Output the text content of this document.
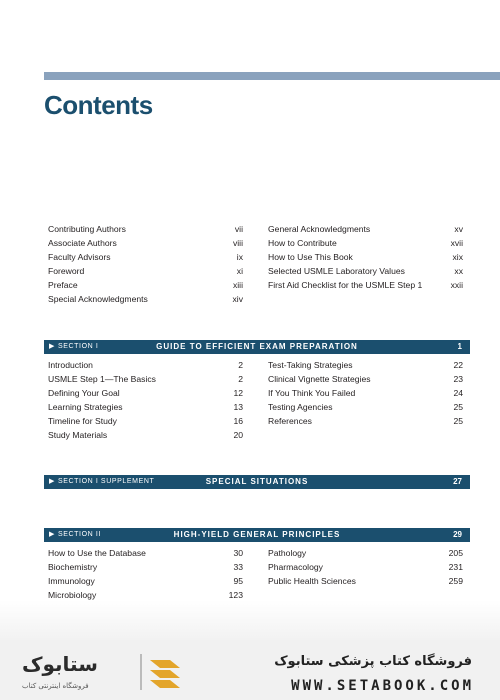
Contents
Contributing Authors	vii
Associate Authors	viii
Faculty Advisors	ix
Foreword	xi
Preface	xiii
Special Acknowledgments	xiv
General Acknowledgments	xv
How to Contribute	xvii
How to Use This Book	xix
Selected USMLE Laboratory Values	xx
First Aid Checklist for the USMLE Step 1	xxii
▶ SECTION I	GUIDE TO EFFICIENT EXAM PREPARATION	1
Introduction	2
USMLE Step 1—The Basics	2
Defining Your Goal	12
Learning Strategies	13
Timeline for Study	16
Study Materials	20
Test-Taking Strategies	22
Clinical Vignette Strategies	23
If You Think You Failed	24
Testing Agencies	25
References	25
▶ SECTION I SUPPLEMENT	SPECIAL SITUATIONS	27
▶ SECTION II	HIGH-YIELD GENERAL PRINCIPLES	29
How to Use the Database	30
Biochemistry	33
Immunology	95
Microbiology	123
Pathology	205
Pharmacology	231
Public Health Sciences	259
ستابوک
فروشگاه اینترنتی کتاب
فروشگاه کتاب پزشکی ستابوک
WWW.SETABOOK.COM
